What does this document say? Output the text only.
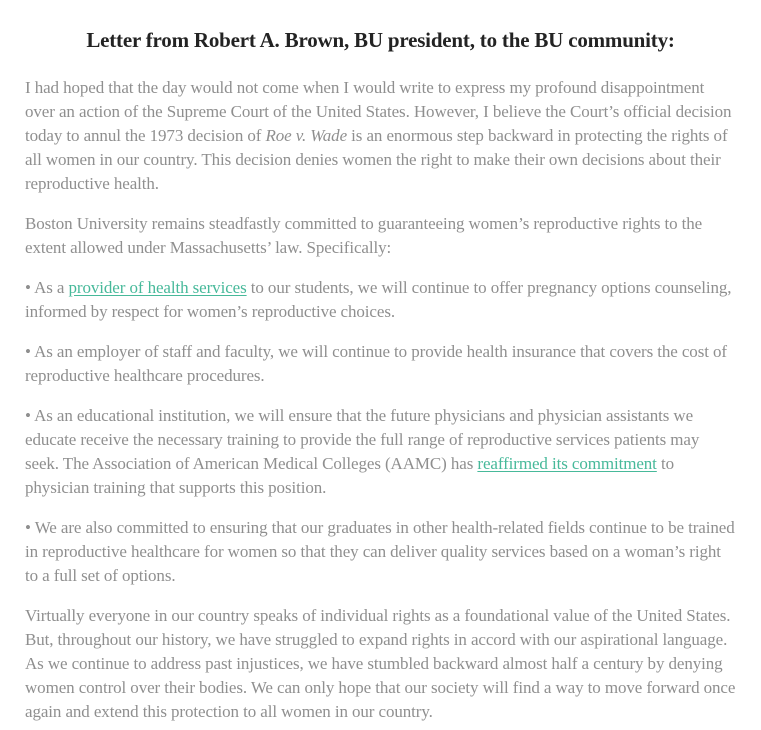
Letter from Robert A. Brown, BU president, to the BU community:

I had hoped that the day would not come when I would write to express my profound disappointment over an action of the Supreme Court of the United States. However, I believe the Court’s official decision today to annul the 1973 decision of Roe v. Wade is an enormous step backward in protecting the rights of all women in our country. This decision denies women the right to make their own decisions about their reproductive health.

Boston University remains steadfastly committed to guaranteeing women’s reproductive rights to the extent allowed under Massachusetts’ law. Specifically:

• As a provider of health services to our students, we will continue to offer pregnancy options counseling, informed by respect for women’s reproductive choices.

• As an employer of staff and faculty, we will continue to provide health insurance that covers the cost of reproductive healthcare procedures.

• As an educational institution, we will ensure that the future physicians and physician assistants we educate receive the necessary training to provide the full range of reproductive services patients may seek. The Association of American Medical Colleges (AAMC) has reaffirmed its commitment to physician training that supports this position.

• We are also committed to ensuring that our graduates in other health-related fields continue to be trained in reproductive healthcare for women so that they can deliver quality services based on a woman’s right to a full set of options.

Virtually everyone in our country speaks of individual rights as a foundational value of the United States. But, throughout our history, we have struggled to expand rights in accord with our aspirational language. As we continue to address past injustices, we have stumbled backward almost half a century by denying women control over their bodies. We can only hope that our society will find a way to move forward once again and extend this protection to all women in our country.
